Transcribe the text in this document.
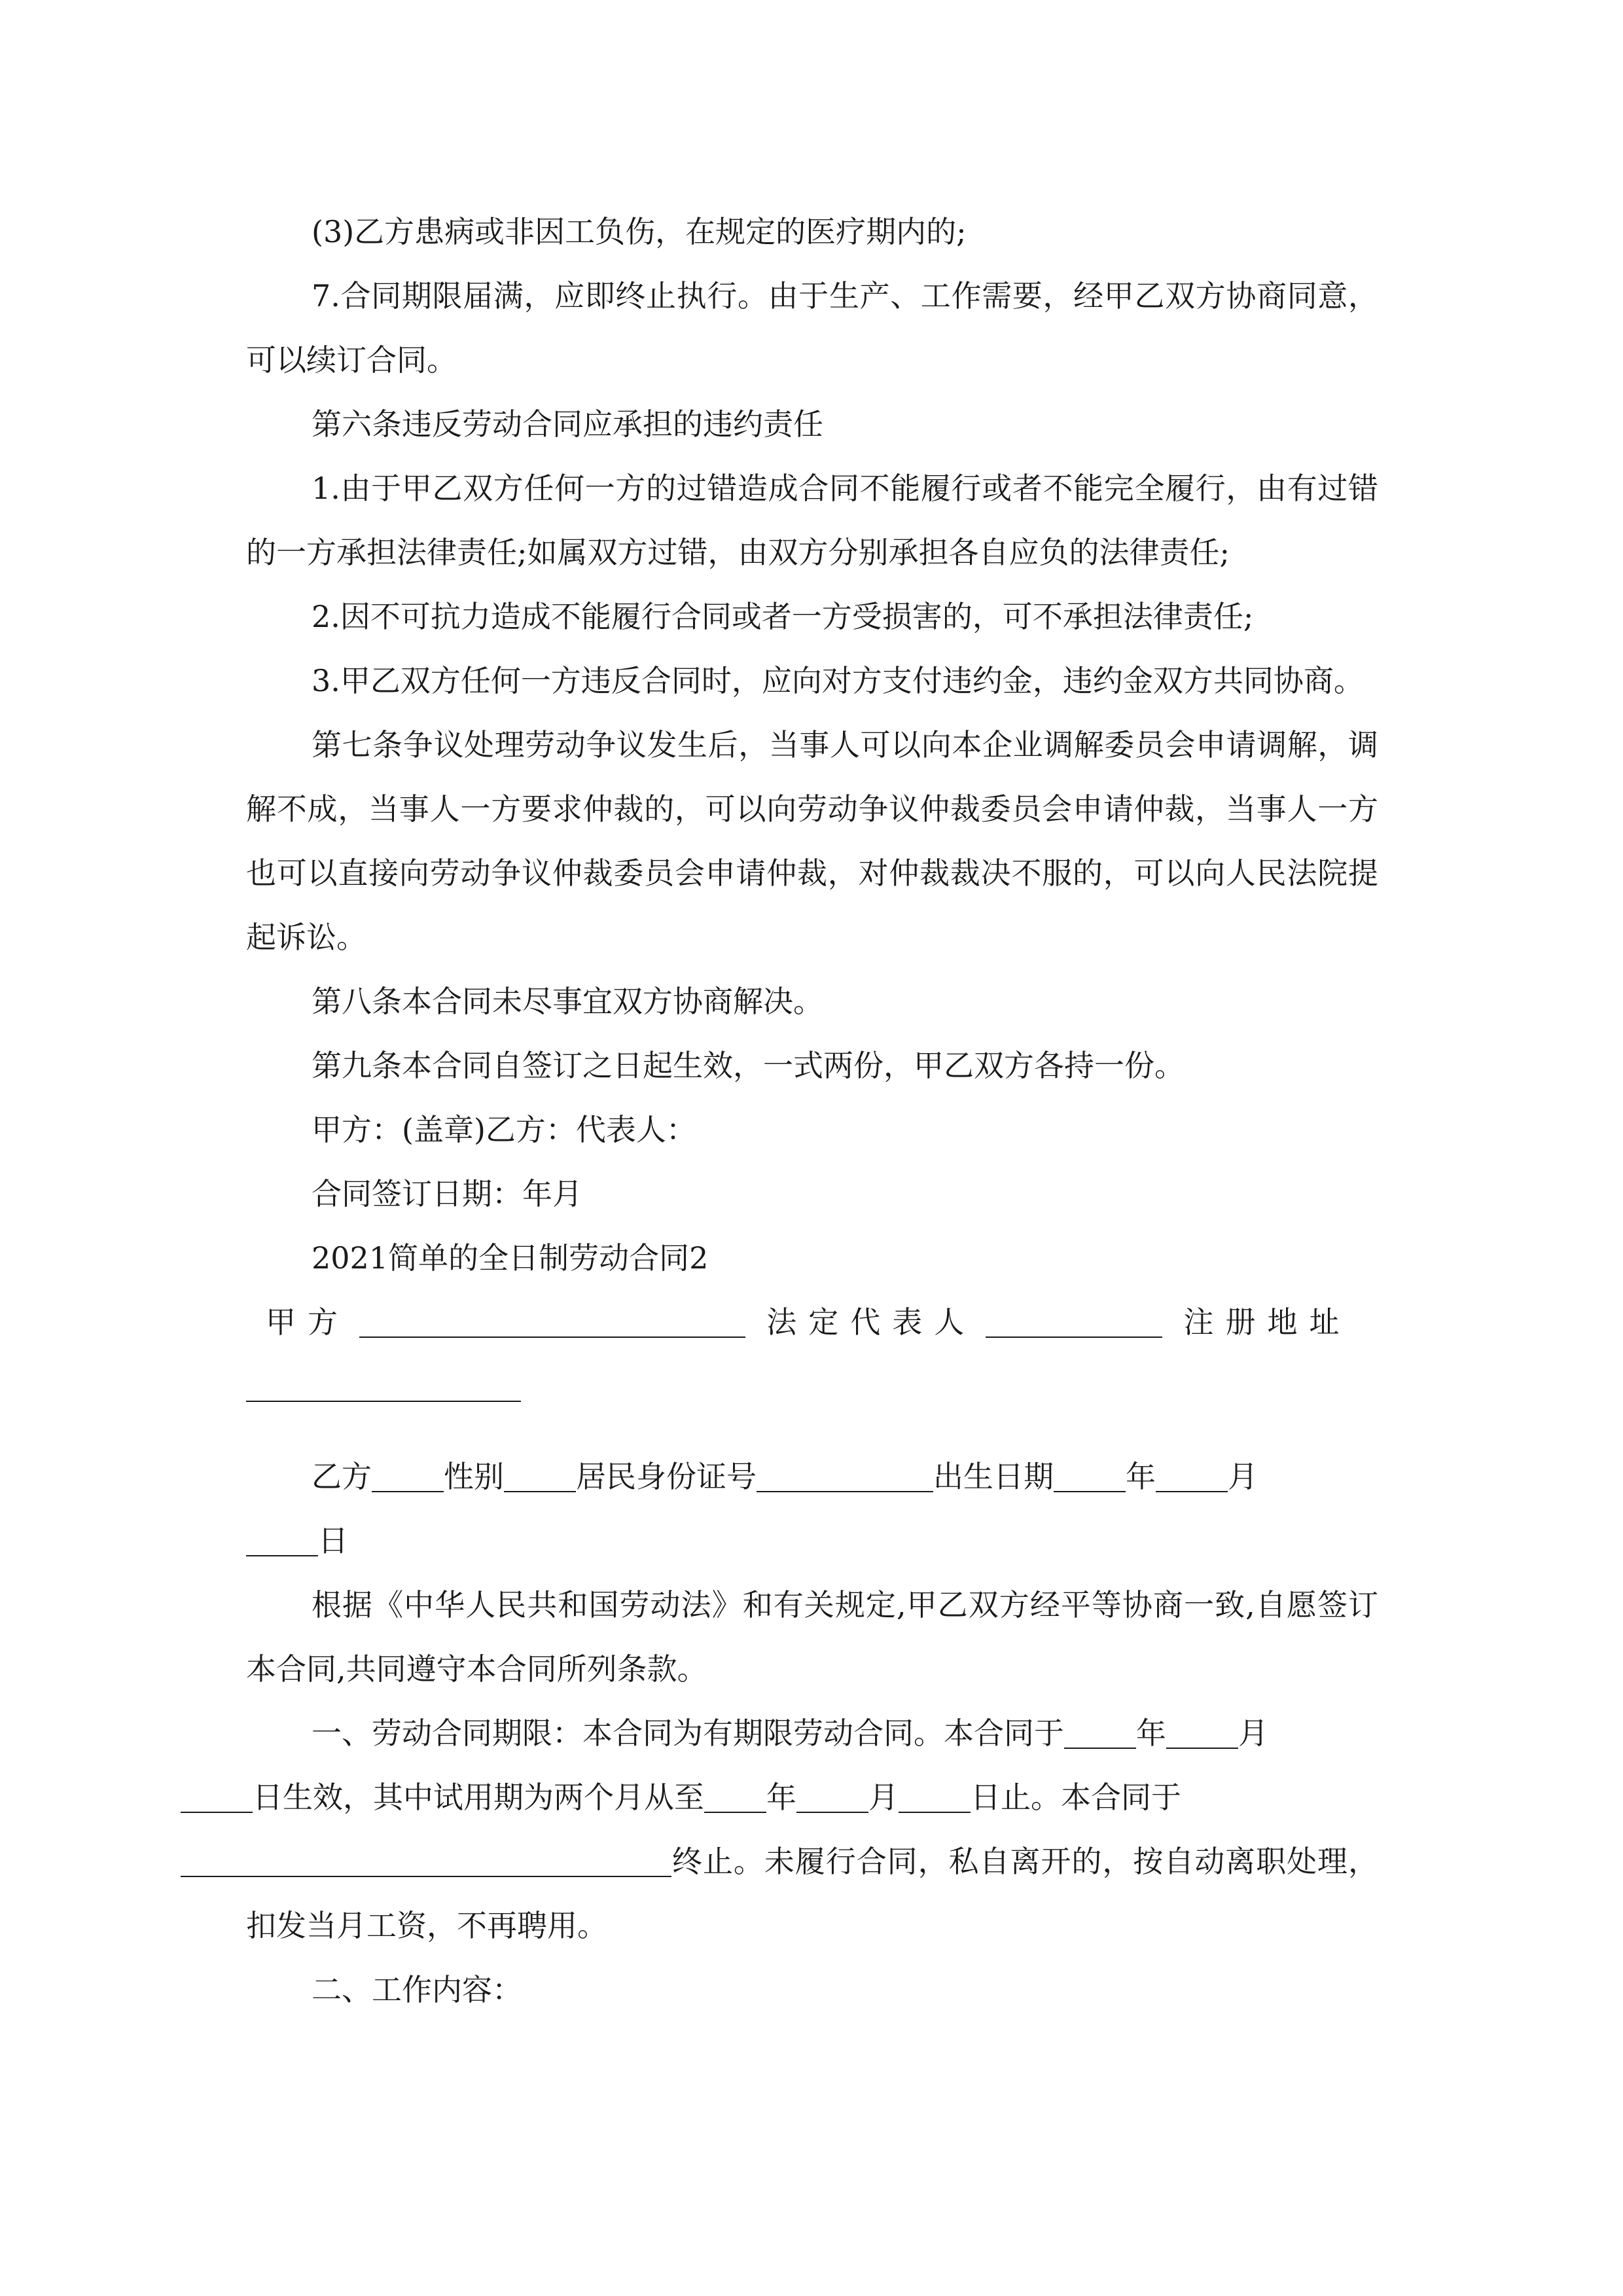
(3)乙方患病或非因工负伤，在规定的医疗期内的;

7.合同期限届满，应即终止执行。由于生产、工作需要，经甲乙双方协商同意，可以续订合同。

第六条违反劳动合同应承担的违约责任

1.由于甲乙双方任何一方的过错造成合同不能履行或者不能完全履行，由有过错的一方承担法律责任;如属双方过错，由双方分别承担各自应负的法律责任;

2.因不可抗力造成不能履行合同或者一方受损害的，可不承担法律责任;

3.甲乙双方任何一方违反合同时，应向对方支付违约金，违约金双方共同协商。

第七条争议处理劳动争议发生后，当事人可以向本企业调解委员会申请调解，调解不成，当事人一方要求仲裁的，可以向劳动争议仲裁委员会申请仲裁，当事人一方也可以直接向劳动争议仲裁委员会申请仲裁，对仲裁裁决不服的，可以向人民法院提起诉讼。

第八条本合同未尽事宜双方协商解决。

第九条本合同自签订之日起生效，一式两份，甲乙双方各持一份。

甲方：(盖章)乙方：代表人：

合同签订日期：年月

2021简单的全日制劳动合同2

甲方	法定代表人	注册地址

乙方 性别 居民身份证号	出生日期 年 月

日

根据《中华人民共和国劳动法》和有关规定,甲乙双方经平等协商一致,自愿签订本合同,共同遵守本合同所列条款。

一、劳动合同期限：本合同为有期限劳动合同。本合同于 年 月
日生效，其中试用期为两个月从至 年 月 日止。本合同于
终止。未履行合同，私自离开的，按自动离职处理，扣发当月工资，不再聘用。

二、工作内容：
